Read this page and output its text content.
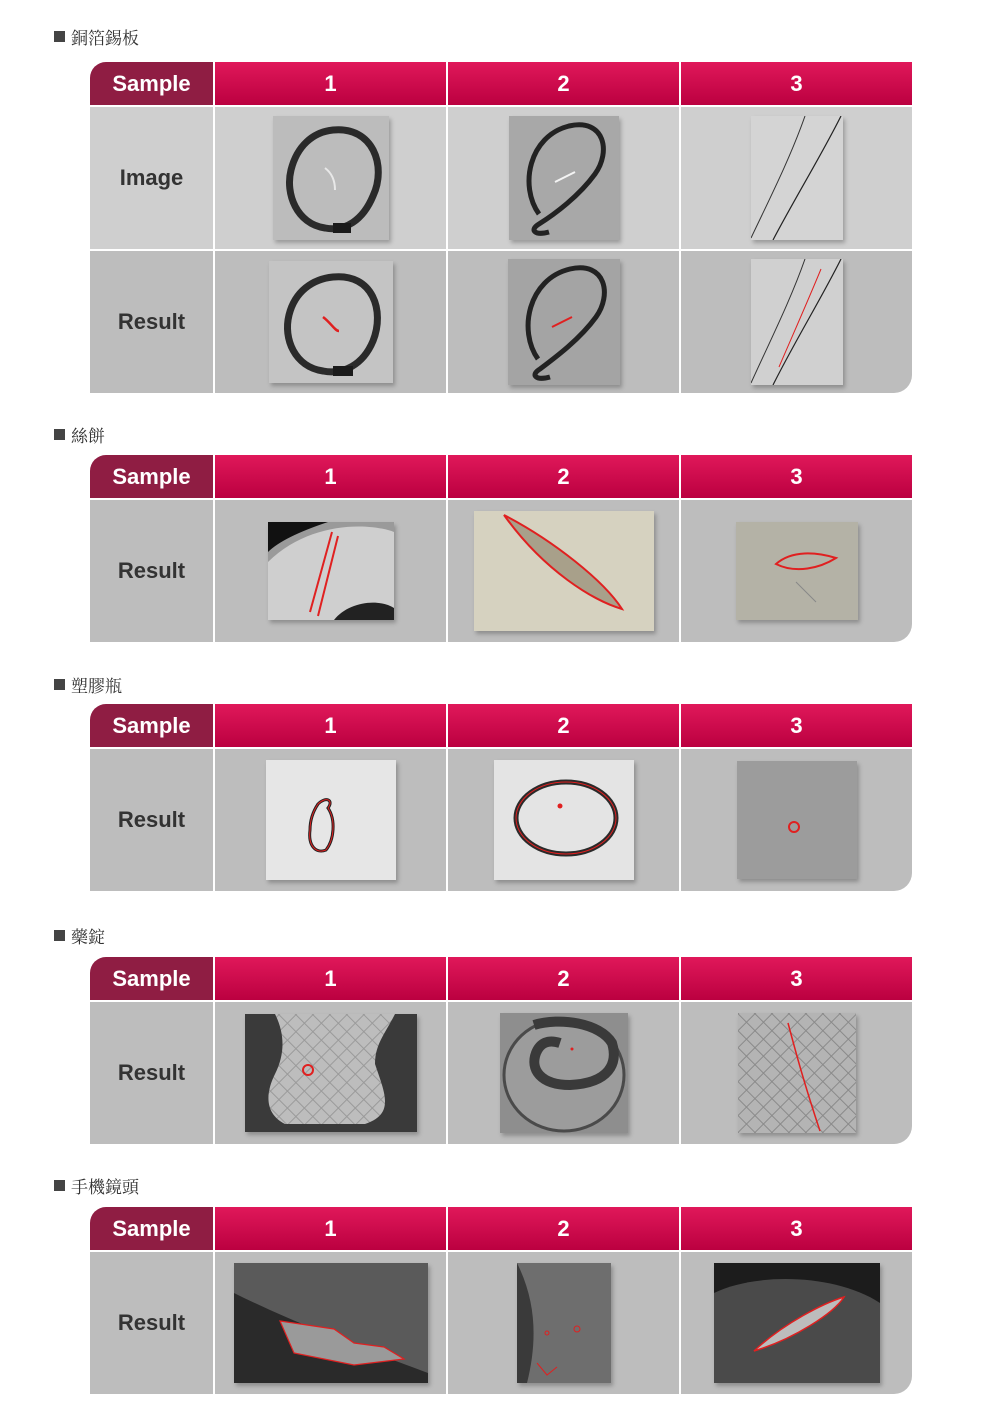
銅箔錫板
Sample	1	2	3
Image
Result
絲餅
Sample	1	2	3
Result
塑膠瓶
Sample	1	2	3
Result
藥錠
Sample	1	2	3
Result
手機鏡頭
Sample	1	2	3
Result
